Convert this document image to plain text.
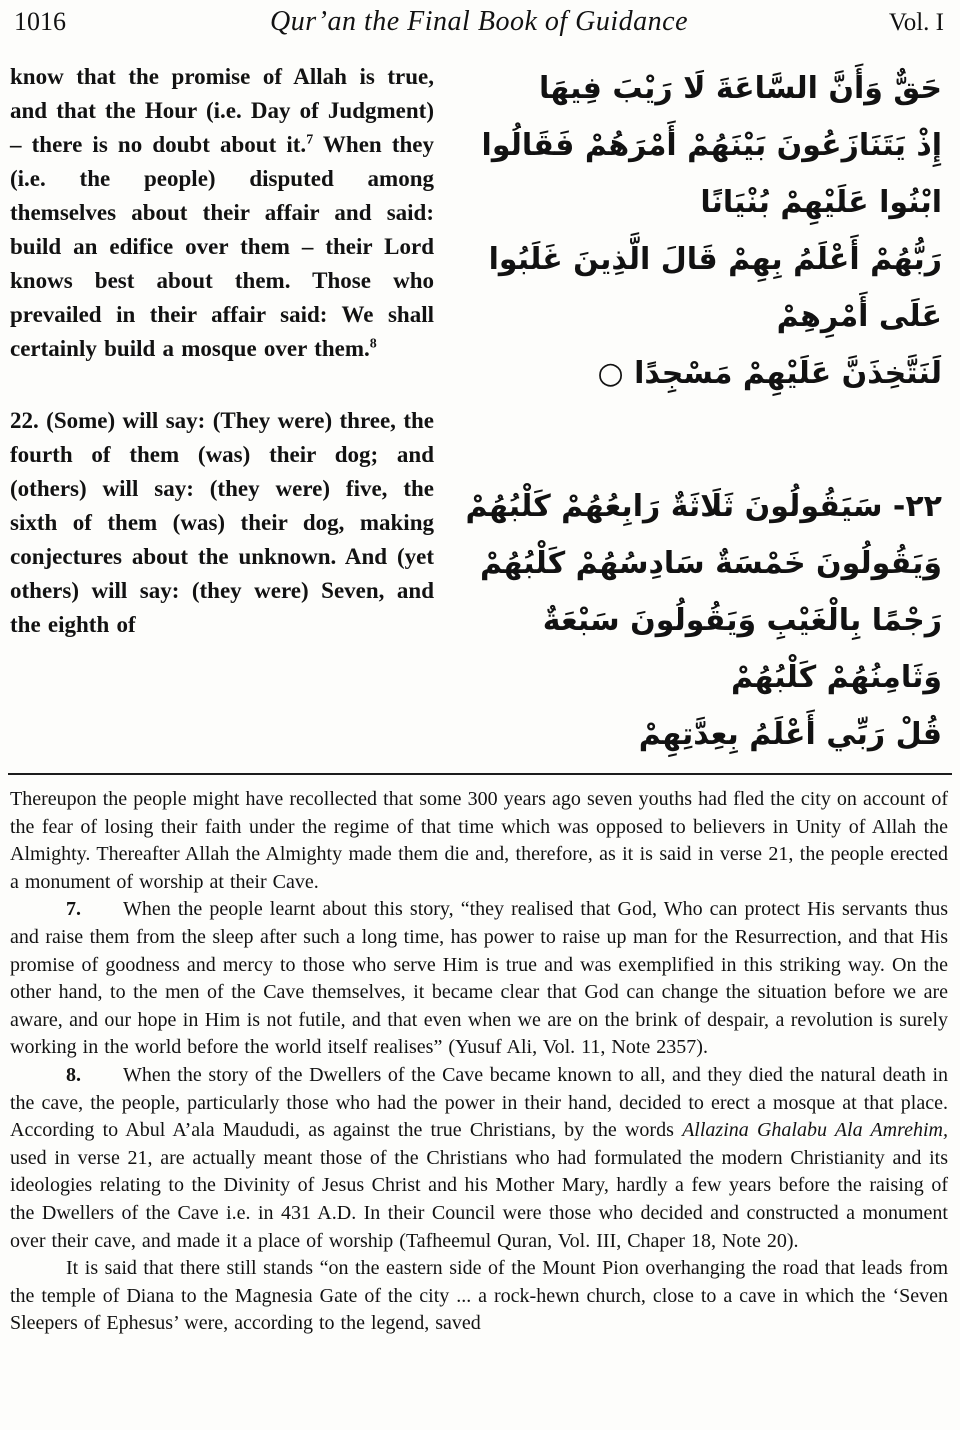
1016	Qur’an the Final Book of Guidance	Vol. I

know that the promise of Allah is true, and that the Hour (i.e. Day of Judgment) – there is no doubt about it.$^7$ When they (i.e. the people) disputed among themselves about their affair and said: build an edifice over them – their Lord knows best about them. Those who prevailed in their affair said: We shall certainly build a mosque over them.$^8$

22. (Some) will say: (They were) three, the fourth of them (was) their dog; and (others) will say: (they were) five, the sixth of them (was) their dog, making conjectures about the unknown. And (yet others) will say: (they were) Seven, and the eighth of

حَقٌّ وَأَنَّ السَّاعَةَ لَا رَيْبَ فِيهَا
إِذْ يَتَنَازَعُونَ بَيْنَهُمْ أَمْرَهُمْ فَقَالُوا
ابْنُوا عَلَيْهِمْ بُنْيَانًا
رَبُّهُمْ أَعْلَمُ بِهِمْ قَالَ الَّذِينَ غَلَبُوا
عَلَى أَمْرِهِمْ
لَنَتَّخِذَنَّ عَلَيْهِمْ مَسْجِدًا ○
٢٢- سَيَقُولُونَ ثَلَاثَةٌ رَابِعُهُمْ كَلْبُهُمْ
وَيَقُولُونَ خَمْسَةٌ سَادِسُهُمْ كَلْبُهُمْ
رَجْمًا بِالْغَيْبِ وَيَقُولُونَ سَبْعَةٌ
وَثَامِنُهُمْ كَلْبُهُمْ
قُلْ رَبِّي أَعْلَمُ بِعِدَّتِهِمْ

Thereupon the people might have recollected that some 300 years ago seven youths had fled the city on account of the fear of losing their faith under the regime of that time which was opposed to believers in Unity of Allah the Almighty. Thereafter Allah the Almighty made them die and, therefore, as it is said in verse 21, the people erected a monument of worship at their Cave.

7. When the people learnt about this story, “they realised that God, Who can protect His servants thus and raise them from the sleep after such a long time, has power to raise up man for the Resurrection, and that His promise of goodness and mercy to those who serve Him is true and was exemplified in this striking way. On the other hand, to the men of the Cave themselves, it became clear that God can change the situation before we are aware, and our hope in Him is not futile, and that even when we are on the brink of despair, a revolution is surely working in the world before the world itself realises” (Yusuf Ali, Vol. 11, Note 2357).

8. When the story of the Dwellers of the Cave became known to all, and they died the natural death in the cave, the people, particularly those who had the power in their hand, decided to erect a mosque at that place. According to Abul A’ala Maududi, as against the true Christians, by the words Allazina Ghalabu Ala Amrehim, used in verse 21, are actually meant those of the Christians who had formulated the modern Christianity and its ideologies relating to the Divinity of Jesus Christ and his Mother Mary, hardly a few years before the raising of the Dwellers of the Cave i.e. in 431 A.D. In their Council were those who decided and constructed a monument over their cave, and made it a place of worship (Tafheemul Quran, Vol. III, Chaper 18, Note 20).

It is said that there still stands “on the eastern side of the Mount Pion overhanging the road that leads from the temple of Diana to the Magnesia Gate of the city ... a rock-hewn church, close to a cave in which the ‘Seven Sleepers of Ephesus’ were, according to the legend, saved
